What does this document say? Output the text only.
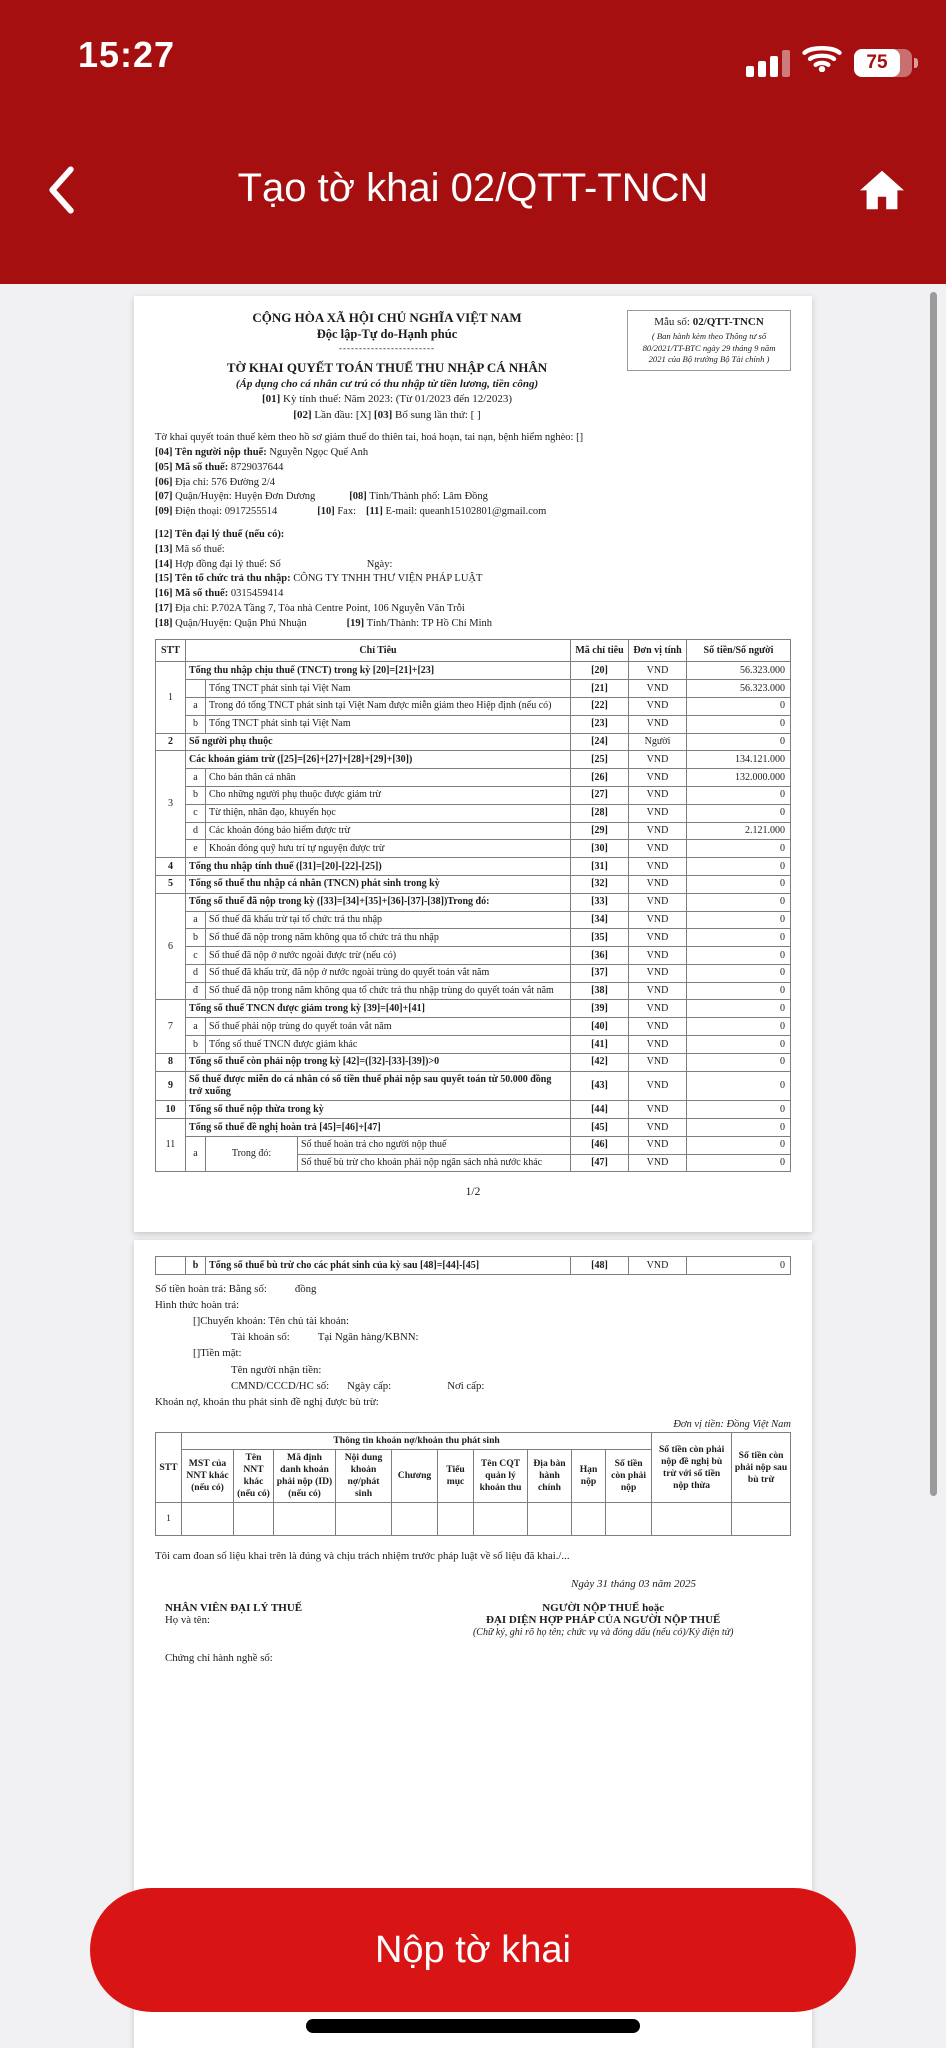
15:27	75
Tạo tờ khai 02/QTT-TNCN
CỘNG HÒA XÃ HỘI CHỦ NGHĨA VIỆT NAM
Độc lập-Tự do-Hạnh phúc
------------------------
TỜ KHAI QUYẾT TOÁN THUẾ THU NHẬP CÁ NHÂN
(Áp dụng cho cá nhân cư trú có thu nhập từ tiền lương, tiền công)
[01] Kỳ tính thuế: Năm 2023: (Từ 01/2023 đến 12/2023)
[02] Lần đầu: [X] [03] Bổ sung lần thứ: [ ]
Mẫu số: 02/QTT-TNCN
( Ban hành kèm theo Thông tư số 80/2021/TT-BTC ngày 29 tháng 9 năm 2021 của Bộ trưởng Bộ Tài chính )
Tờ khai quyết toán thuế kèm theo hồ sơ giảm thuế do thiên tai, hoá hoạn, tai nạn, bệnh hiểm nghèo: []
[04] Tên người nộp thuế: Nguyễn Ngọc Quế Anh
[05] Mã số thuế: 8729037644
[06] Địa chỉ: 576 Đường 2/4
[07] Quận/Huyện: Huyện Đơn Dương	[08] Tỉnh/Thành phố: Lâm Đồng
[09] Điện thoại: 0917255514	[10] Fax: [11] E-mail: queanh15102801@gmail.com
[12] Tên đại lý thuế (nếu có):
[13] Mã số thuế:
[14] Hợp đồng đại lý thuế: Số	Ngày:
[15] Tên tổ chức trả thu nhập: CÔNG TY TNHH THƯ VIỆN PHÁP LUẬT
[16] Mã số thuế: 0315459414
[17] Địa chỉ: P.702A Tầng 7, Tòa nhà Centre Point, 106 Nguyễn Văn Trỗi
[18] Quận/Huyện: Quận Phú Nhuận	[19] Tỉnh/Thành: TP Hồ Chí Minh
STT	Chỉ Tiêu			Mã chỉ tiêu	Đơn vị tính	Số tiền/Số người
1	Tổng thu nhập chịu thuế (TNCT) trong kỳ [20]=[21]+[23]			[20]	VND	56.323.000
		Tổng TNCT phát sinh tại Việt Nam		[21]	VND	56.323.000
	a	Trong đó tổng TNCT phát sinh tại Việt Nam được miễn giảm theo Hiệp định (nếu có)		[22]	VND	0
	b	Tổng TNCT phát sinh tại Việt Nam		[23]	VND	0
2	Số người phụ thuộc			[24]	Người	0
3	Các khoản giảm trừ ([25]=[26]+[27]+[28]+[29]+[30])			[25]	VND	134.121.000
	a	Cho bản thân cá nhân		[26]	VND	132.000.000
	b	Cho những người phụ thuộc được giảm trừ		[27]	VND	0
	c	Từ thiện, nhân đạo, khuyến học		[28]	VND	0
	d	Các khoản đóng bảo hiểm được trừ		[29]	VND	2.121.000
	e	Khoản đóng quỹ hưu trí tự nguyện được trừ		[30]	VND	0
4	Tổng thu nhập tính thuế ([31]=[20]-[22]-[25])			[31]	VND	0
5	Tổng số thuế thu nhập cá nhân (TNCN) phát sinh trong kỳ			[32]	VND	0
6	Tổng số thuế đã nộp trong kỳ ([33]=[34]+[35]+[36]-[37]-[38])Trong đó:			[33]	VND	0
	a	Số thuế đã khấu trừ tại tổ chức trả thu nhập		[34]	VND	0
	b	Số thuế đã nộp trong năm không qua tổ chức trả thu nhập		[35]	VND	0
	c	Số thuế đã nộp ở nước ngoài được trừ (nếu có)		[36]	VND	0
	d	Số thuế đã khấu trừ, đã nộp ở nước ngoài trùng do quyết toán vắt năm		[37]	VND	0
	đ	Số thuế đã nộp trong năm không qua tổ chức trả thu nhập trùng do quyết toán vắt năm		[38]	VND	0
7	Tổng số thuế TNCN được giảm trong kỳ [39]=[40]+[41]			[39]	VND	0
	a	Số thuế phải nộp trùng do quyết toán vắt năm		[40]	VND	0
	b	Tổng số thuế TNCN được giảm khác		[41]	VND	0
8	Tổng số thuế còn phải nộp trong kỳ [42]=([32]-[33]-[39])>0			[42]	VND	0
9	Số thuế được miễn do cá nhân có số tiền thuế phải nộp sau quyết toán từ 50.000 đồng trở xuống			[43]	VND	0
10	Tổng số thuế nộp thừa trong kỳ			[44]	VND	0
11	Tổng số thuế đề nghị hoàn trả [45]=[46]+[47]			[45]	VND	0
	a	Trong đó:	Số thuế hoàn trả cho người nộp thuế	[46]	VND	0
			Số thuế bù trừ cho khoản phải nộp ngân sách nhà nước khác	[47]	VND	0
1/2
	b	Tổng số thuế bù trừ cho các phát sinh của kỳ sau [48]=[44]-[45]	[48]	VND	0
Số tiền hoàn trả: Bằng số:	đồng
Hình thức hoàn trả:
[]Chuyển khoản: Tên chủ tài khoản:
Tài khoản số:	Tại Ngân hàng/KBNN:
[]Tiền mặt:
Tên người nhận tiền:
CMND/CCCD/HC số: Ngày cấp:	Nơi cấp:
Khoản nợ, khoản thu phát sinh đề nghị được bù trừ:
Đơn vị tiền: Đồng Việt Nam
STT	Thông tin khoản nợ/khoản thu phát sinh										Số tiền còn phải nộp đề nghị bù trừ với số tiền nộp thừa	Số tiền còn phải nộp sau bù trừ
	MST của NNT khác (nếu có)	Tên NNT khác (nếu có)	Mã định danh khoản phải nộp (ID) (nếu có)	Nội dung khoản nợ/phát sinh	Chương	Tiểu mục	Tên CQT quản lý khoản thu	Địa bàn hành chính	Hạn nộp	Số tiền còn phải nộp		
1												
Tôi cam đoan số liệu khai trên là đúng và chịu trách nhiệm trước pháp luật về số liệu đã khai./...
Ngày 31 tháng 03 năm 2025
NHÂN VIÊN ĐẠI LÝ THUẾ
Họ và tên:
Chứng chỉ hành nghề số:
NGƯỜI NỘP THUẾ hoặc
ĐẠI DIỆN HỢP PHÁP CỦA NGƯỜI NỘP THUẾ
(Chữ ký, ghi rõ họ tên; chức vụ và đóng dấu (nếu có)/Ký điện tử)
Nộp tờ khai
